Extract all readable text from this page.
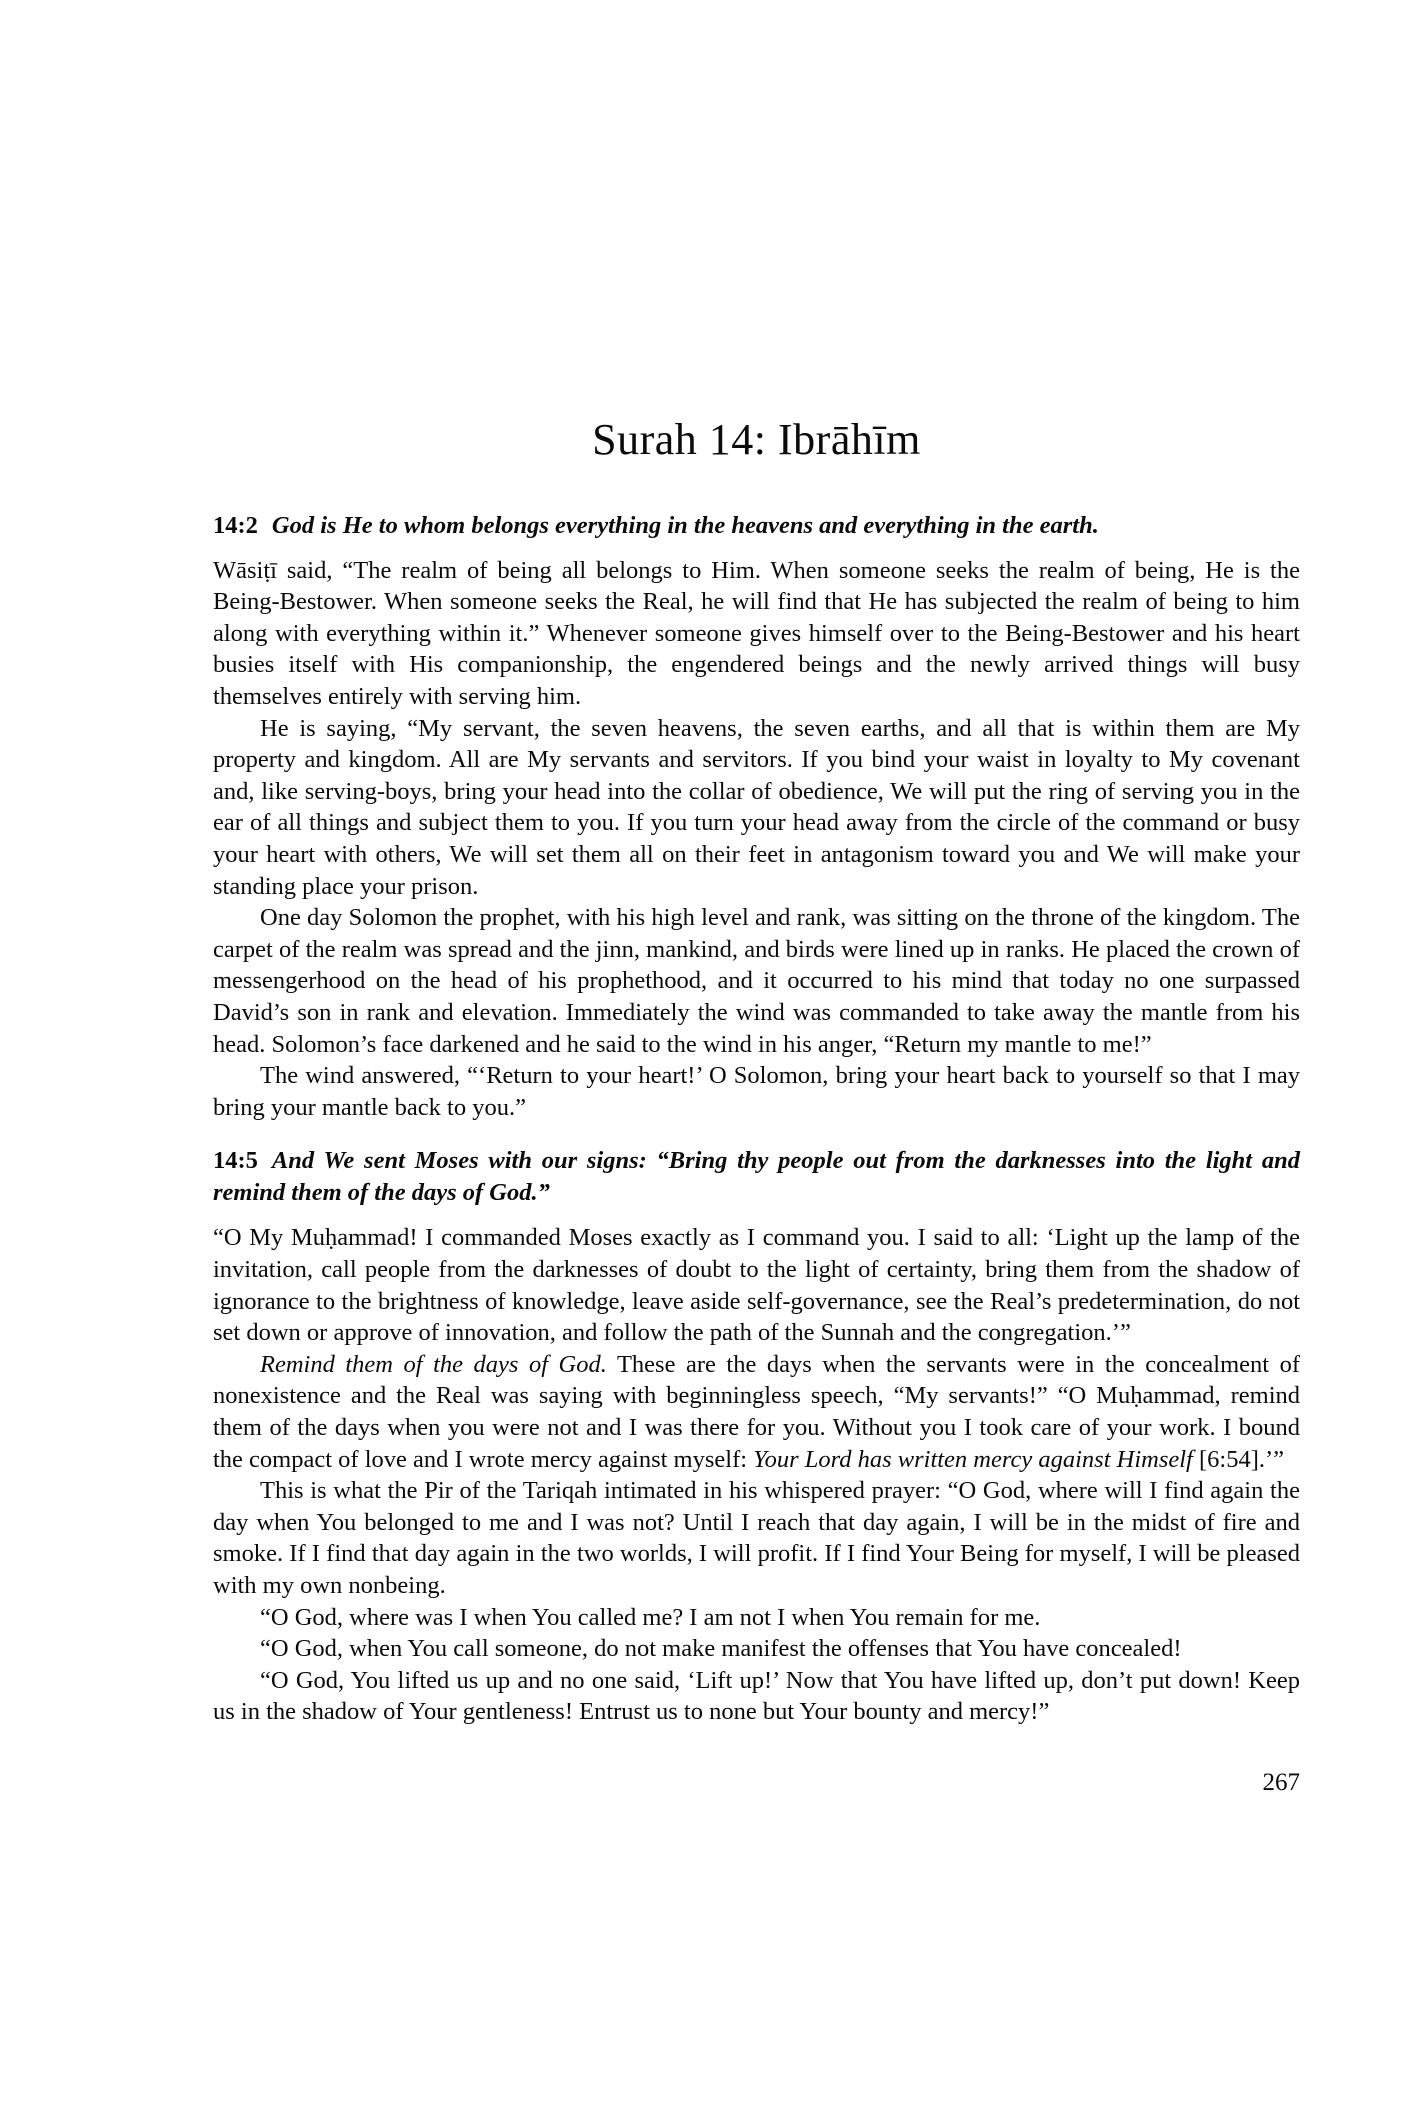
Surah 14: Ibrāhīm

14:2 God is He to whom belongs everything in the heavens and everything in the earth.

Wāsiṭī said, “The realm of being all belongs to Him. When someone seeks the realm of being, He is the Being-Bestower. When someone seeks the Real, he will find that He has subjected the realm of being to him along with everything within it.” Whenever someone gives himself over to the Being-Bestower and his heart busies itself with His companionship, the engendered beings and the newly arrived things will busy themselves entirely with serving him.

He is saying, “My servant, the seven heavens, the seven earths, and all that is within them are My property and kingdom. All are My servants and servitors. If you bind your waist in loyalty to My covenant and, like serving-boys, bring your head into the collar of obedience, We will put the ring of serving you in the ear of all things and subject them to you. If you turn your head away from the circle of the command or busy your heart with others, We will set them all on their feet in antagonism toward you and We will make your standing place your prison.

One day Solomon the prophet, with his high level and rank, was sitting on the throne of the kingdom. The carpet of the realm was spread and the jinn, mankind, and birds were lined up in ranks. He placed the crown of messengerhood on the head of his prophethood, and it occurred to his mind that today no one surpassed David’s son in rank and elevation. Immediately the wind was commanded to take away the mantle from his head. Solomon’s face darkened and he said to the wind in his anger, “Return my mantle to me!”

The wind answered, “‘Return to your heart!’ O Solomon, bring your heart back to yourself so that I may bring your mantle back to you.”

14:5 And We sent Moses with our signs: “Bring thy people out from the darknesses into the light and remind them of the days of God.”

“O My Muḥammad! I commanded Moses exactly as I command you. I said to all: ‘Light up the lamp of the invitation, call people from the darknesses of doubt to the light of certainty, bring them from the shadow of ignorance to the brightness of knowledge, leave aside self-governance, see the Real’s predetermination, do not set down or approve of innovation, and follow the path of the Sunnah and the congregation.’”

Remind them of the days of God. These are the days when the servants were in the concealment of nonexistence and the Real was saying with beginningless speech, “My servants!” “O Muḥammad, remind them of the days when you were not and I was there for you. Without you I took care of your work. I bound the compact of love and I wrote mercy against myself: Your Lord has written mercy against Himself [6:54].’”

This is what the Pir of the Tariqah intimated in his whispered prayer: “O God, where will I find again the day when You belonged to me and I was not? Until I reach that day again, I will be in the midst of fire and smoke. If I find that day again in the two worlds, I will profit. If I find Your Being for myself, I will be pleased with my own nonbeing.

“O God, where was I when You called me? I am not I when You remain for me.

“O God, when You call someone, do not make manifest the offenses that You have concealed!

“O God, You lifted us up and no one said, ‘Lift up!’ Now that You have lifted up, don’t put down! Keep us in the shadow of Your gentleness! Entrust us to none but Your bounty and mercy!”

267
